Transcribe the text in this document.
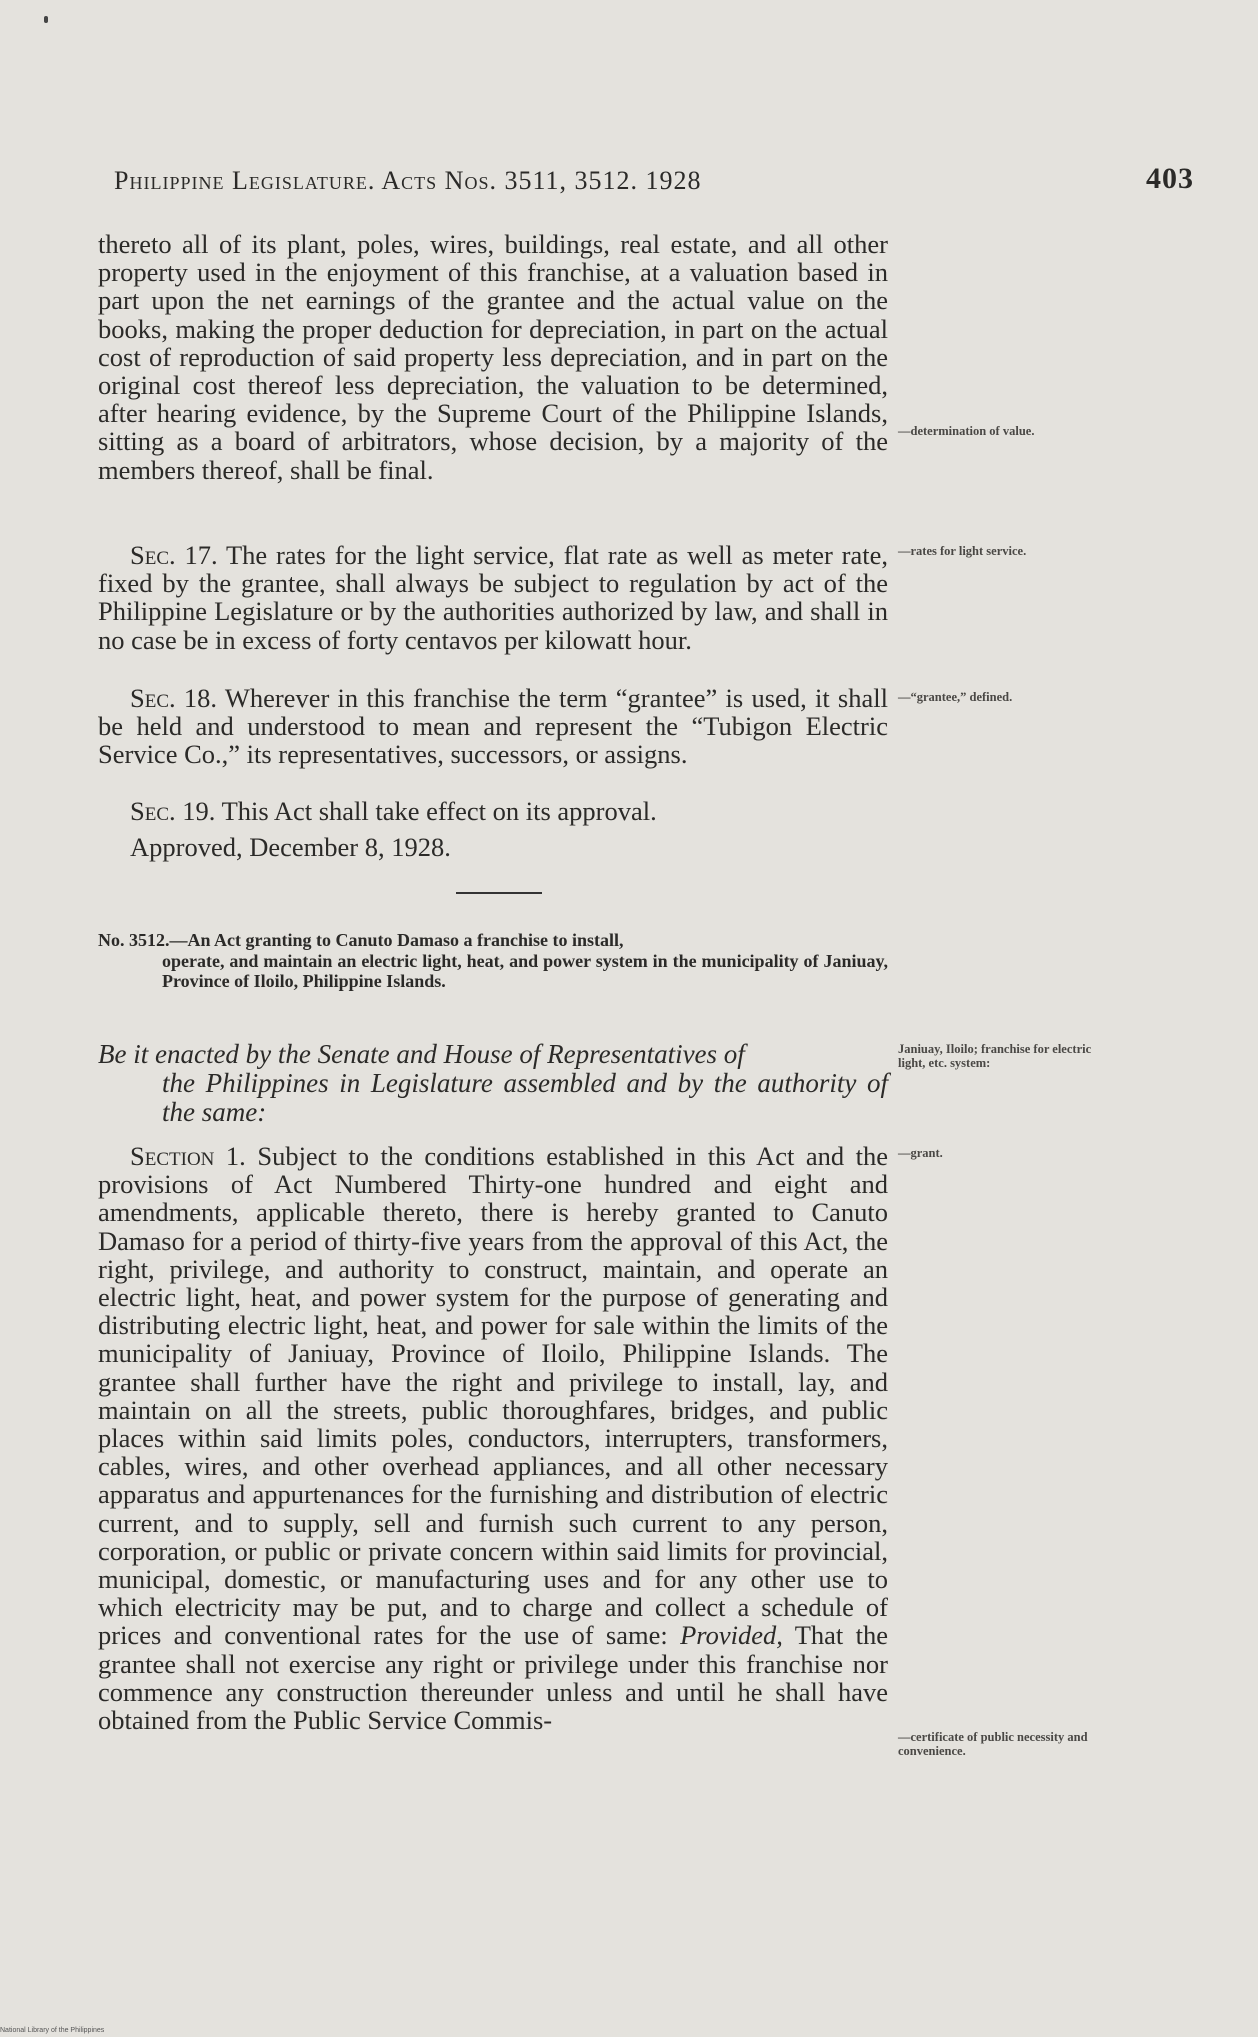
Philippine Legislature. Acts Nos. 3511, 3512. 1928	403

thereto all of its plant, poles, wires, buildings, real estate, and all other property used in the enjoyment of this franchise, at a valuation based in part upon the net earnings of the grantee and the actual value on the books, making the proper deduction for depreciation, in part on the actual cost of reproduction of said property less depreciation, and in part on the original cost thereof less depreciation, the valuation to be determined, after hearing evidence, by the Supreme Court of the Philippine Islands, sitting as a board of arbitrators, whose decision, by a majority of the members thereof, shall be final.

Sec. 17. The rates for the light service, flat rate as well as meter rate, fixed by the grantee, shall always be subject to regulation by act of the Philippine Legislature or by the authorities authorized by law, and shall in no case be in excess of forty centavos per kilowatt hour.

Sec. 18. Wherever in this franchise the term “grantee” is used, it shall be held and understood to mean and represent the “Tubigon Electric Service Co.,” its representatives, successors, or assigns.

Sec. 19. This Act shall take effect on its approval.

Approved, December 8, 1928.

No. 3512.—An Act granting to Canuto Damaso a franchise to install,
operate, and maintain an electric light, heat, and power system in the municipality of Janiuay, Province of Iloilo, Philippine Islands.
Be it enacted by the Senate and House of Representatives of
the Philippines in Legislature assembled and by the authority of the same:

Section 1. Subject to the conditions established in this Act and the provisions of Act Numbered Thirty-one hundred and eight and amendments, applicable thereto, there is hereby granted to Canuto Damaso for a period of thirty-five years from the approval of this Act, the right, privilege, and authority to construct, maintain, and operate an electric light, heat, and power system for the purpose of generating and distributing electric light, heat, and power for sale within the limits of the municipality of Janiuay, Province of Iloilo, Philippine Islands. The grantee shall further have the right and privilege to install, lay, and maintain on all the streets, public thoroughfares, bridges, and public places within said limits poles, conductors, interrupters, transformers, cables, wires, and other overhead appliances, and all other necessary apparatus and appurtenances for the furnishing and distribution of electric current, and to supply, sell and furnish such current to any person, corporation, or public or private concern within said limits for provincial, municipal, domestic, or manufacturing uses and for any other use to which electricity may be put, and to charge and collect a schedule of prices and conventional rates for the use of same: Provided, That the grantee shall not exercise any right or privilege under this franchise nor commence any construction thereunder unless and until he shall have obtained from the Public Service Commis-

—determination of value.
—rates for light service.
—“grantee,” defined.
Janiuay, Iloilo; franchise for electric light, etc. system:
—grant.
—certificate of public necessity and convenience.
National Library of the Philippines
